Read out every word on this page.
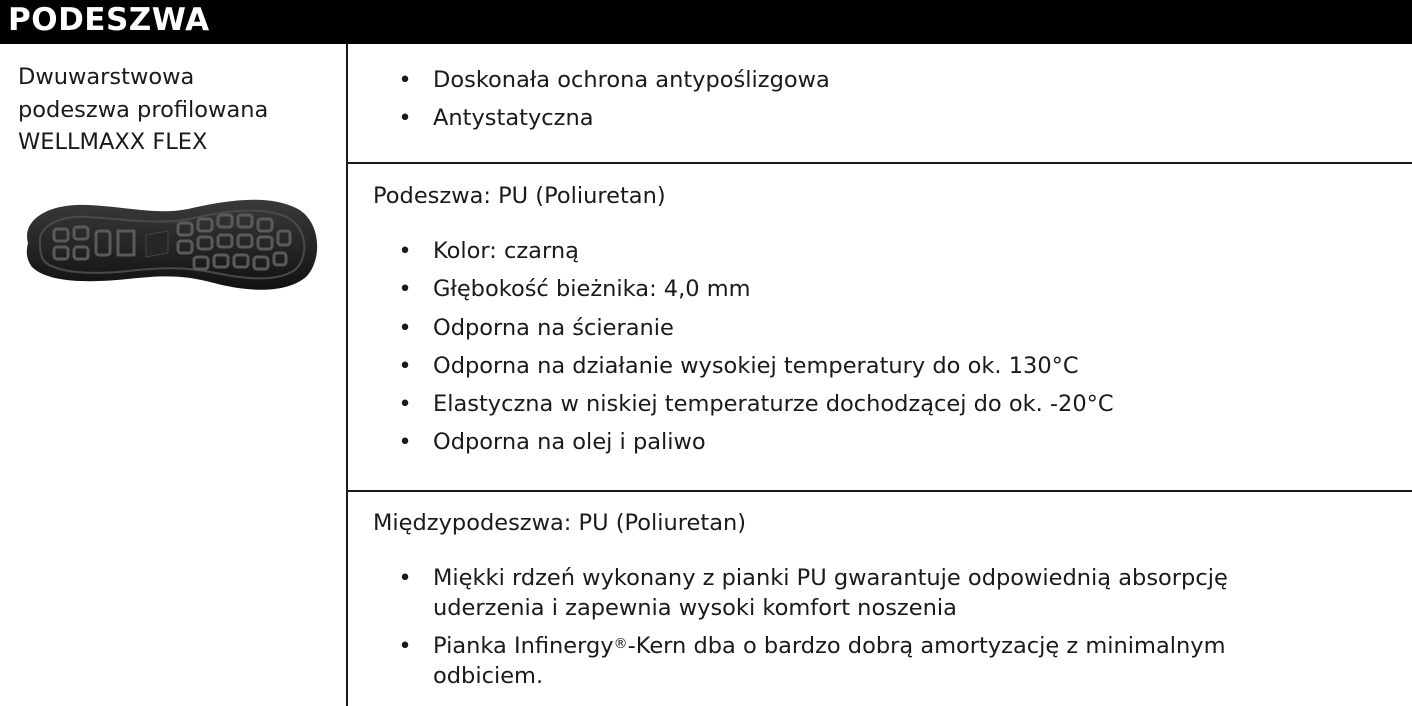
PODESZWA
Dwuwarstwowa
podeszwa profilowana
WELLMAXX FLEX
• Doskonała ochrona antypoślizgowa
• Antystatyczna
Podeszwa: PU (Poliuretan)
• Kolor: czarną
• Głębokość bieżnika: 4,0 mm
• Odporna na ścieranie
• Odporna na działanie wysokiej temperatury do ok. 130°C
• Elastyczna w niskiej temperaturze dochodzącej do ok. -20°C
• Odporna na olej i paliwo
Międzypodeszwa: PU (Poliuretan)
• Miękki rdzeń wykonany z pianki PU gwarantuje odpowiednią absorpcję
uderzenia i zapewnia wysoki komfort noszenia
• Pianka Infinergy®-Kern dba o bardzo dobrą amortyzację z minimalnym
odbiciem.
